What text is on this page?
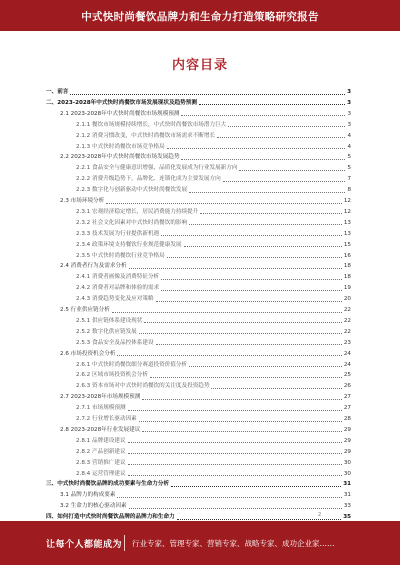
中式快时尚餐饮品牌力和生命力打造策略研究报告
内容目录
一、前言	3
二、2023-2028年中式快时尚餐饮市场发展现状及趋势预测	3
2.1 2023-2028年中式快时尚餐饮市场规模预测	3
2.1.1 餐饮市场规模持续增长，中式快时尚餐饮市场潜力巨大	3
2.1.2 消费习惯改变，中式快时尚餐饮市场需求不断增长	4
2.1.3 中式快时尚餐饮市场竞争格局	4
2.2 2023-2028年中式快时尚餐饮市场发展趋势	5
2.2.1 食品安全与健康意识增强，品质化发展成为行业发展新方向	5
2.2.2 消费升级趋势下，品牌化、连锁化成为主要发展方向	7
2.2.3 数字化与创新驱动中式快时尚餐饮发展	8
2.3 市场环境分析	12
2.3.1 宏观经济稳定增长，居民消费能力持续提升	12
2.3.2 社会文化因素对中式快时尚餐饮的影响	13
2.3.3 技术发展为行业提供新机遇	13
2.3.4 政策环境支持餐饮行业规范健康发展	15
2.3.5 中式快时尚餐饮行业竞争格局	16
2.4 消费者行为及需求分析	18
2.4.1 消费者画像及消费特征分析	18
2.4.2 消费者对品牌和体验的需求	19
2.4.3 消费趋势变化及应对策略	20
2.5 行业供应链分析	22
2.5.1 供应链体系建设现状	22
2.5.2 数字化供应链发展	22
2.5.3 食品安全及品控体系建设	23
2.6 市场投资机会分析	24
2.6.1 中式快时尚餐饮细分赛道投资价值分析	24
2.6.2 区域市场投资机会分析	25
2.6.3 资本市场对中式快时尚餐饮的关注度及投资趋势	26
2.7 2023-2028年市场规模预测	27
2.7.1 市场规模预测	27
2.7.2 行业增长驱动因素	28
2.8 2023-2028年行业发展建议	29
2.8.1 品牌建设建议	29
2.8.2 产品创新建议	29
2.8.3 营销推广建议	30
2.8.4 运营管理建议	30
三、中式快时尚餐饮品牌的成功要素与生命力分析	31
3.1 品牌力的构成要素	31
3.2 生命力的核心驱动因素	33
四、如何打造中式快时尚餐饮品牌的品牌力和生命力	35
2
让每个人都能成为 行业专家、管理专家、营销专家、战略专家、成功企业家……
